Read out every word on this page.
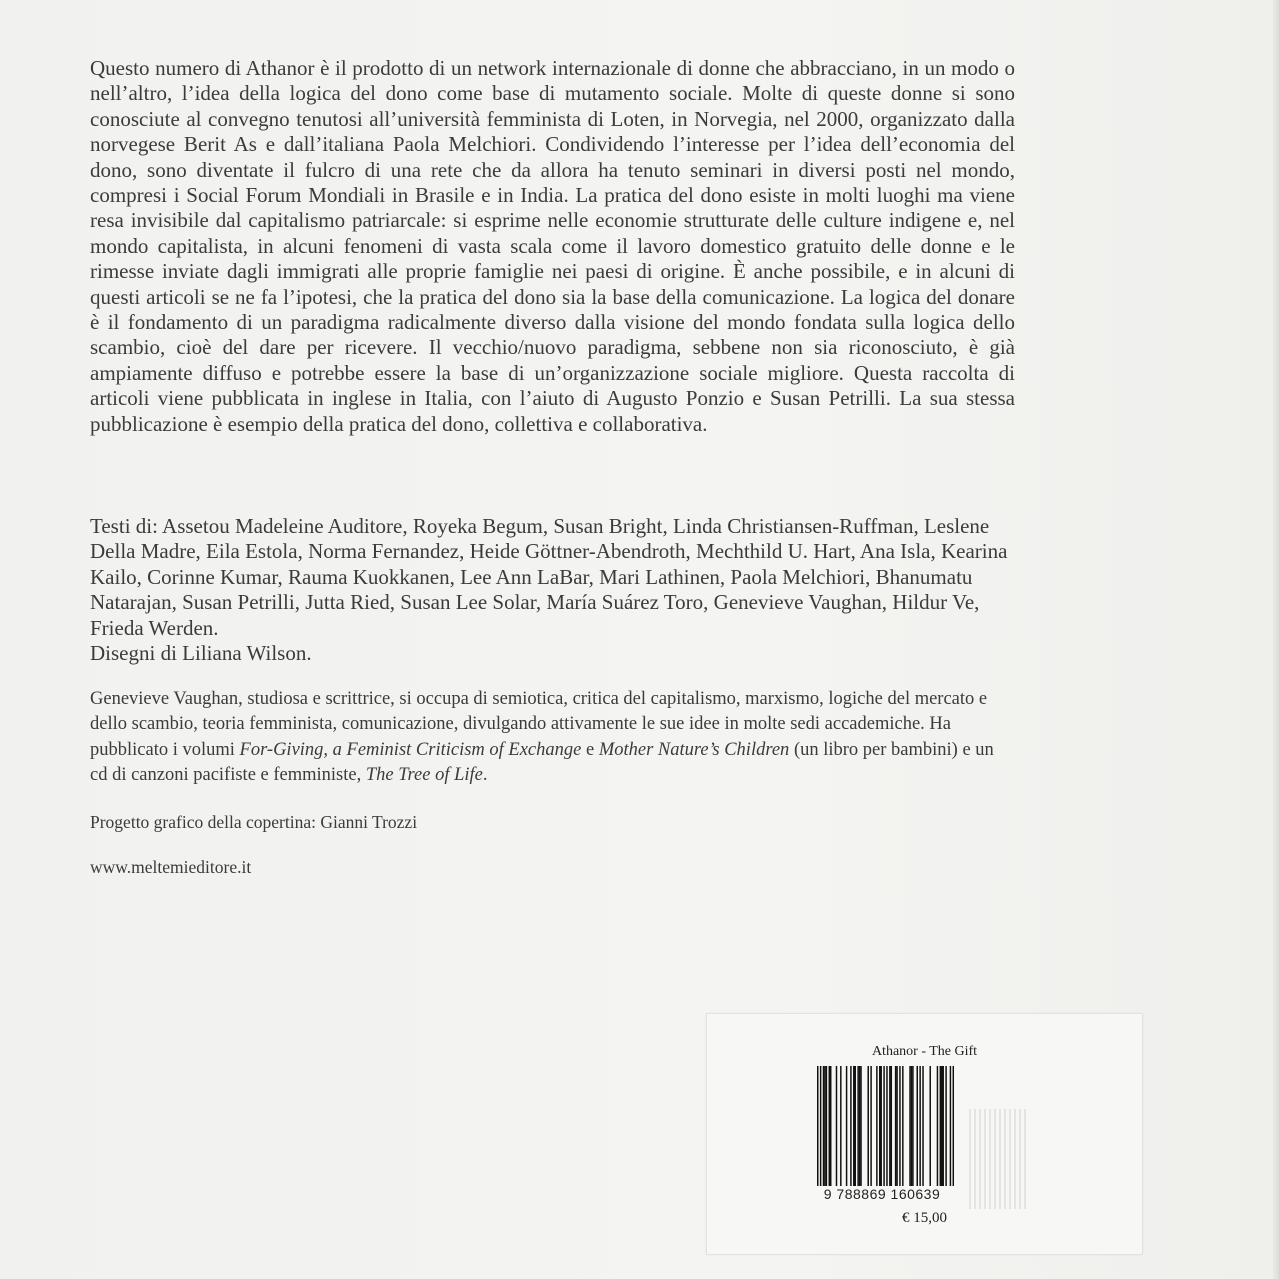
Questo numero di Athanor è il prodotto di un network internazionale di donne che abbracciano, in un modo o nell’altro, l’idea della logica del dono come base di mutamento sociale. Molte di queste donne si sono conosciute al convegno tenutosi all’università femminista di Loten, in Norvegia, nel 2000, organizzato dalla norvegese Berit As e dall’italiana Paola Melchiori. Condividendo l’interesse per l’idea dell’economia del dono, sono diventate il fulcro di una rete che da allora ha tenuto seminari in diversi posti nel mondo, compresi i Social Forum Mondiali in Brasile e in India. La pratica del dono esiste in molti luoghi ma viene resa invisibile dal capitalismo patriarcale: si esprime nelle economie strutturate delle culture indigene e, nel mondo capitalista, in alcuni fenomeni di vasta scala come il lavoro domestico gratuito delle donne e le rimesse inviate dagli immigrati alle proprie famiglie nei paesi di origine. È anche possibile, e in alcuni di questi articoli se ne fa l’ipotesi, che la pratica del dono sia la base della comunicazione. La logica del donare è il fondamento di un paradigma radicalmente diverso dalla visione del mondo fondata sulla logica dello scambio, cioè del dare per ricevere. Il vecchio/nuovo paradigma, sebbene non sia riconosciuto, è già ampiamente diffuso e potrebbe essere la base di un’organizzazione sociale migliore. Questa raccolta di articoli viene pubblicata in inglese in Italia, con l’aiuto di Augusto Ponzio e Susan Petrilli. La sua stessa pubblicazione è esempio della pratica del dono, collettiva e collaborativa.

Testi di: Assetou Madeleine Auditore, Royeka Begum, Susan Bright, Linda Christiansen-Ruffman, Leslene Della Madre, Eila Estola, Norma Fernandez, Heide Göttner-Abendroth, Mechthild U. Hart, Ana Isla, Kearina Kailo, Corinne Kumar, Rauma Kuokkanen, Lee Ann LaBar, Mari Lathinen, Paola Melchiori, Bhanumatu Natarajan, Susan Petrilli, Jutta Ried, Susan Lee Solar, María Suárez Toro, Genevieve Vaughan, Hildur Ve, Frieda Werden.
Disegni di Liliana Wilson.

Genevieve Vaughan, studiosa e scrittrice, si occupa di semiotica, critica del capitalismo, marxismo, logiche del mercato e dello scambio, teoria femminista, comunicazione, divulgando attivamente le sue idee in molte sedi accademiche. Ha pubblicato i volumi For-Giving, a Feminist Criticism of Exchange e Mother Nature’s Children (un libro per bambini) e un cd di canzoni pacifiste e femministe, The Tree of Life.

Progetto grafico della copertina: Gianni Trozzi

www.meltemieditore.it

Athanor - The Gift
9 788869 160639
€ 15,00
